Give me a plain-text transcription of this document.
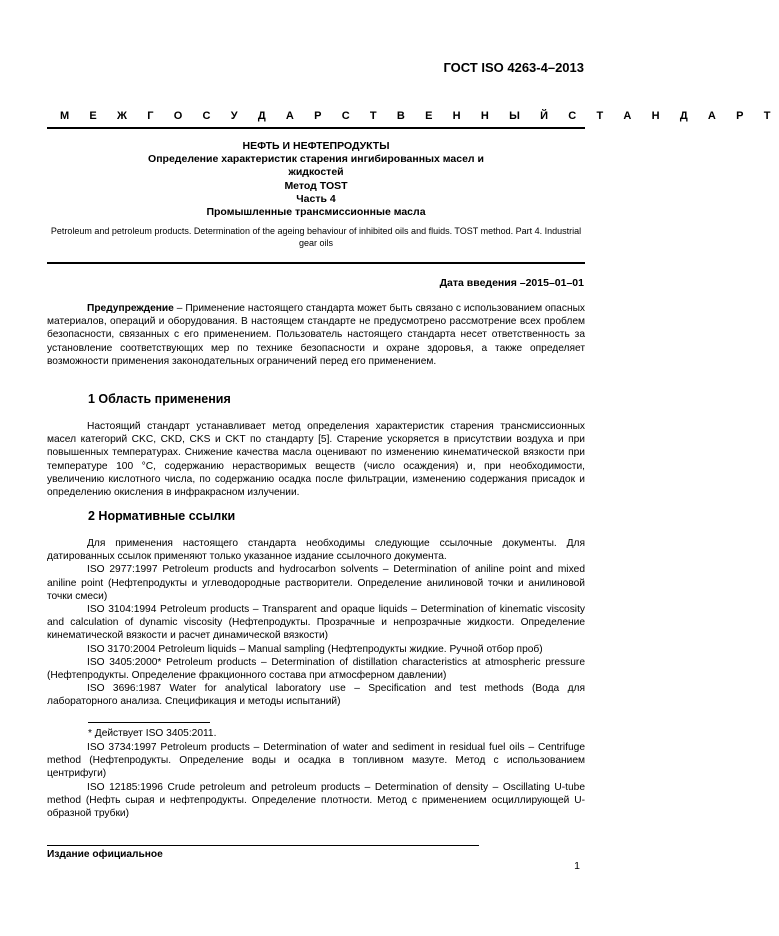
ГОСТ ISO 4263-4–2013
М Е Ж Г О С У Д А Р С Т В Е Н Н Ы Й С Т А Н Д А Р Т
НЕФТЬ И НЕФТЕПРОДУКТЫ
Определение характеристик старения ингибированных масел и
жидкостей
Метод TOST
Часть 4
Промышленные трансмиссионные масла
Petroleum and petroleum products. Determination of the ageing behaviour of inhibited oils and fluids. TOST method. Part 4. Industrial gear oils
Дата введения –2015–01–01

Предупреждение – Применение настоящего стандарта может быть связано с использованием опасных материалов, операций и оборудования. В настоящем стандарте не предусмотрено рассмотрение всех проблем безопасности, связанных с его применением. Пользователь настоящего стандарта несет ответственность за установление соответствующих мер по технике безопасности и охране здоровья, а также определяет возможности применения законодательных ограничений перед его применением.

1 Область применения

Настоящий стандарт устанавливает метод определения характеристик старения трансмиссионных масел категорий CKC, CKD, CKS и CKT по стандарту [5]. Старение ускоряется в присутствии воздуха и при повышенных температурах. Снижение качества масла оценивают по изменению кинематической вязкости при температуре 100 °С, содержанию нерастворимых веществ (число осаждения) и, при необходимости, увеличению кислотного числа, по содержанию осадка после фильтрации, изменению содержания присадок и определению окисления в инфракрасном излучении.

2 Нормативные ссылки

Для применения настоящего стандарта необходимы следующие ссылочные документы. Для датированных ссылок применяют только указанное издание ссылочного документа.

ISO 2977:1997 Petroleum products and hydrocarbon solvents – Determination of aniline point and mixed aniline point (Нефтепродукты и углеводородные растворители. Определение анилиновой точки и анилиновой точки смеси)

ISO 3104:1994 Petroleum products – Transparent and opaque liquids – Determination of kinematic viscosity and calculation of dynamic viscosity (Нефтепродукты. Прозрачные и непрозрачные жидкости. Определение кинематической вязкости и расчет динамической вязкости)

ISO 3170:2004 Petroleum liquids – Manual sampling (Нефтепродукты жидкие. Ручной отбор проб)

ISO 3405:2000* Petroleum products – Determination of distillation characteristics at atmospheric pressure (Нефтепродукты. Определение фракционного состава при атмосферном давлении)

ISO 3696:1987 Water for analytical laboratory use – Specification and test methods (Вода для лабораторного анализа. Спецификация и методы испытаний)

* Действует ISO 3405:2011.

ISO 3734:1997 Petroleum products – Determination of water and sediment in residual fuel oils – Centrifuge method (Нефтепродукты. Определение воды и осадка в топливном мазуте. Метод с использованием центрифуги)

ISO 12185:1996 Crude petroleum and petroleum products – Determination of density – Oscillating U-tube method (Нефть сырая и нефтепродукты. Определение плотности. Метод с применением осциллирующей U-образной трубки)

Издание официальное
1
